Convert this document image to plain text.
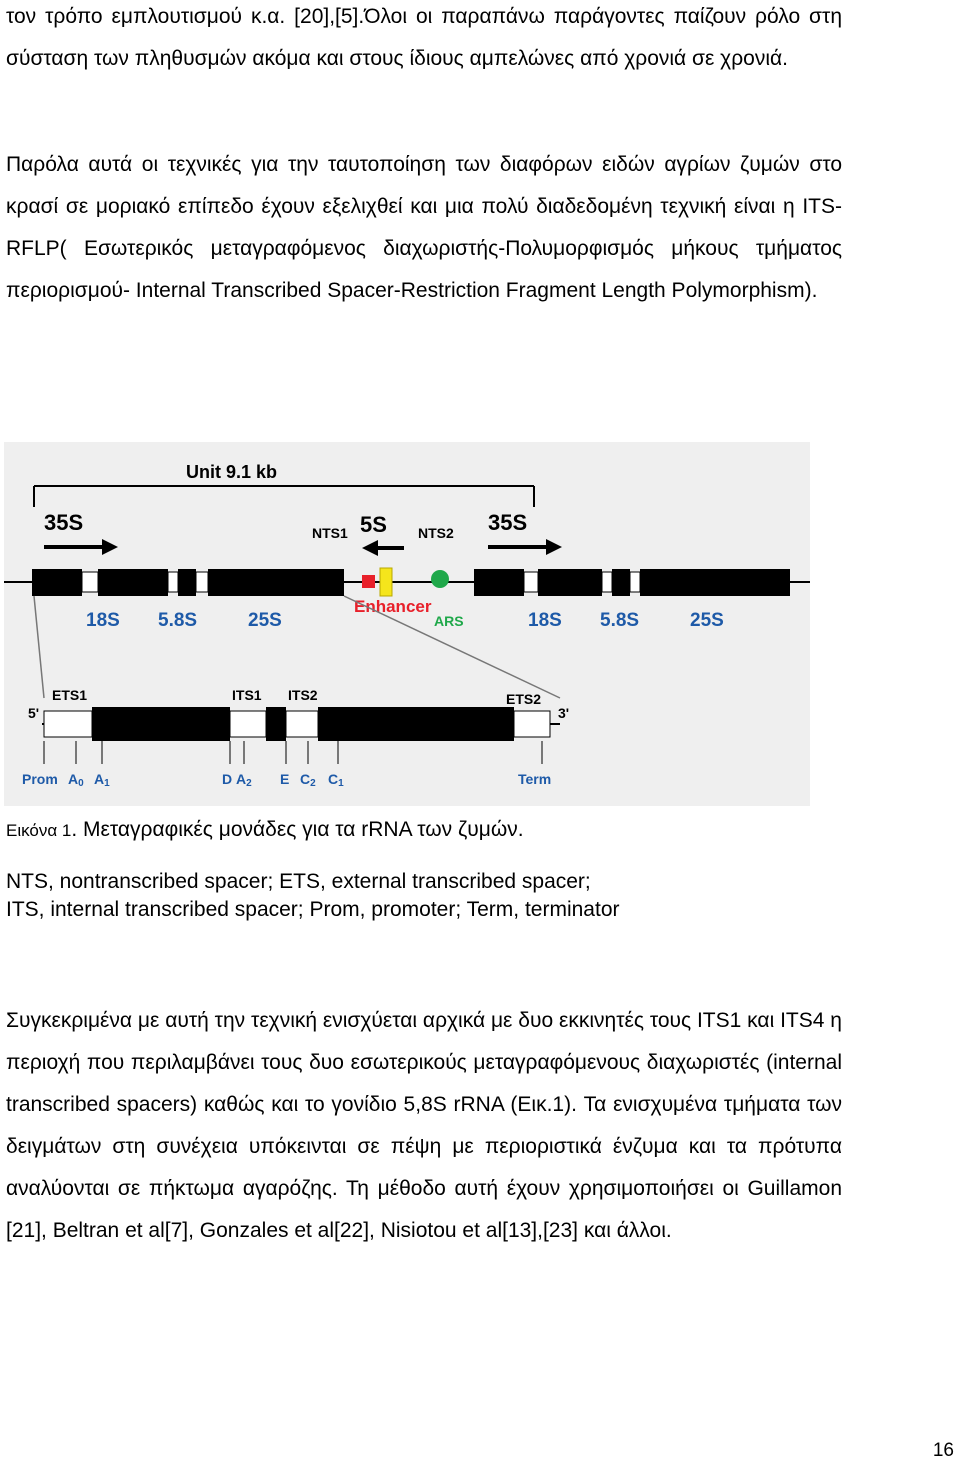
τον τρόπο εμπλουτισμού κ.α. [20],[5].Όλοι οι παραπάνω παράγοντες παίζουν ρόλο στη σύσταση των πληθυσμών ακόμα και στους ίδιους αμπελώνες από χρονιά σε χρονιά.

Παρόλα αυτά οι τεχνικές για την ταυτοποίηση των διαφόρων ειδών αγρίων ζυμών στο κρασί σε μοριακό επίπεδο έχουν εξελιχθεί και μια πολύ διαδεδομένη τεχνική είναι η ITS-RFLP( Εσωτερικός μεταγραφόμενος διαχωριστής-Πολυμορφισμός μήκους τμήματος περιορισμού- Internal Transcribed Spacer-Restriction Fragment Length Polymorphism).

Unit 9.1 kb
35S	NTS1 5S NTS2 35S
Enhancer
ARS
18S 5.8S	25S	18S 5.8S	25S
ETS1	ITS1 ITS2	ETS2
5'	3'
Prom A0 A1	D A2 E C2 C1	Term
Εικόνα 1. Μεταγραφικές μονάδες για τα rRNA των ζυμών.
NTS, nontranscribed spacer; ETS, external transcribed spacer;
ITS, internal transcribed spacer; Prom, promoter; Term, terminator

Συγκεκριμένα με αυτή την τεχνική ενισχύεται αρχικά με δυο εκκινητές τους ITS1 και ITS4 η περιοχή που περιλαμβάνει τους δυο εσωτερικούς μεταγραφόμενους διαχωριστές (internal transcribed spacers) καθώς και το γονίδιο 5,8S rRNA (Εικ.1). Τα ενισχυμένα τμήματα των δειγμάτων στη συνέχεια υπόκεινται σε πέψη με περιοριστικά ένζυμα και τα πρότυπα αναλύονται σε πήκτωμα αγαρόζης. Τη μέθοδο αυτή έχουν χρησιμοποιήσει οι Guillamon [21], Beltran et al[7], Gonzales et al[22], Nisiotou et al[13],[23] και άλλοι.

16
